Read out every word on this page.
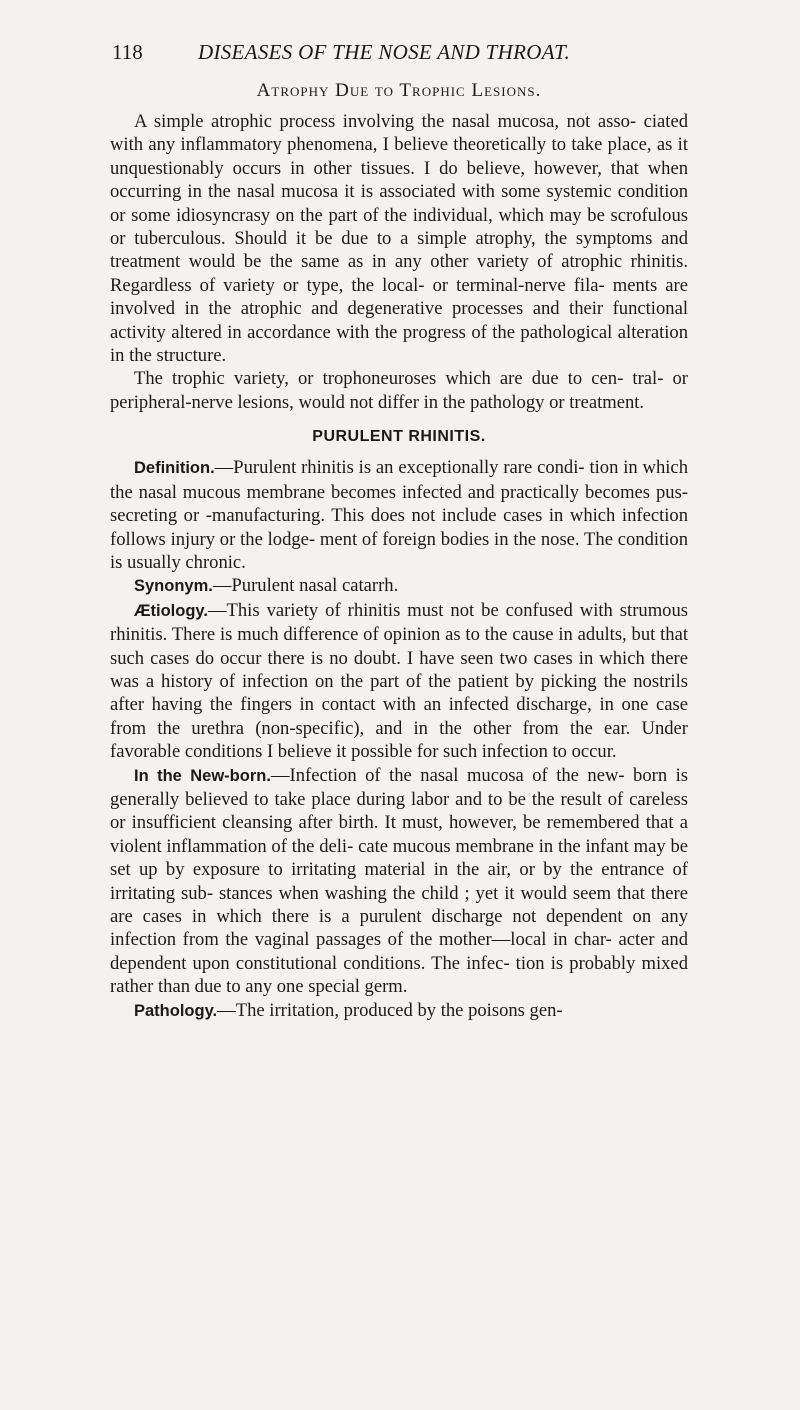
118	DISEASES OF THE NOSE AND THROAT.
Atrophy Due to Trophic Lesions.

A simple atrophic process involving the nasal mucosa, not asso- ciated with any inflammatory phenomena, I believe theoretically to take place, as it unquestionably occurs in other tissues. I do believe, however, that when occurring in the nasal mucosa it is associated with some systemic condition or some idiosyncrasy on the part of the individual, which may be scrofulous or tuberculous. Should it be due to a simple atrophy, the symptoms and treatment would be the same as in any other variety of atrophic rhinitis. Regardless of variety or type, the local- or terminal-nerve fila- ments are involved in the atrophic and degenerative processes and their functional activity altered in accordance with the progress of the pathological alteration in the structure.

The trophic variety, or trophoneuroses which are due to cen- tral- or peripheral-nerve lesions, would not differ in the pathology or treatment.

PURULENT RHINITIS.

Definition.—Purulent rhinitis is an exceptionally rare condi- tion in which the nasal mucous membrane becomes infected and practically becomes pus-secreting or -manufacturing. This does not include cases in which infection follows injury or the lodge- ment of foreign bodies in the nose. The condition is usually chronic.

Synonym.—Purulent nasal catarrh.

Ætiology.—This variety of rhinitis must not be confused with strumous rhinitis. There is much difference of opinion as to the cause in adults, but that such cases do occur there is no doubt. I have seen two cases in which there was a history of infection on the part of the patient by picking the nostrils after having the fingers in contact with an infected discharge, in one case from the urethra (non-specific), and in the other from the ear. Under favorable conditions I believe it possible for such infection to occur.

In the New-born.—Infection of the nasal mucosa of the new- born is generally believed to take place during labor and to be the result of careless or insufficient cleansing after birth. It must, however, be remembered that a violent inflammation of the deli- cate mucous membrane in the infant may be set up by exposure to irritating material in the air, or by the entrance of irritating sub- stances when washing the child ; yet it would seem that there are cases in which there is a purulent discharge not dependent on any infection from the vaginal passages of the mother—local in char- acter and dependent upon constitutional conditions. The infec- tion is probably mixed rather than due to any one special germ.

Pathology.—The irritation, produced by the poisons gen-
